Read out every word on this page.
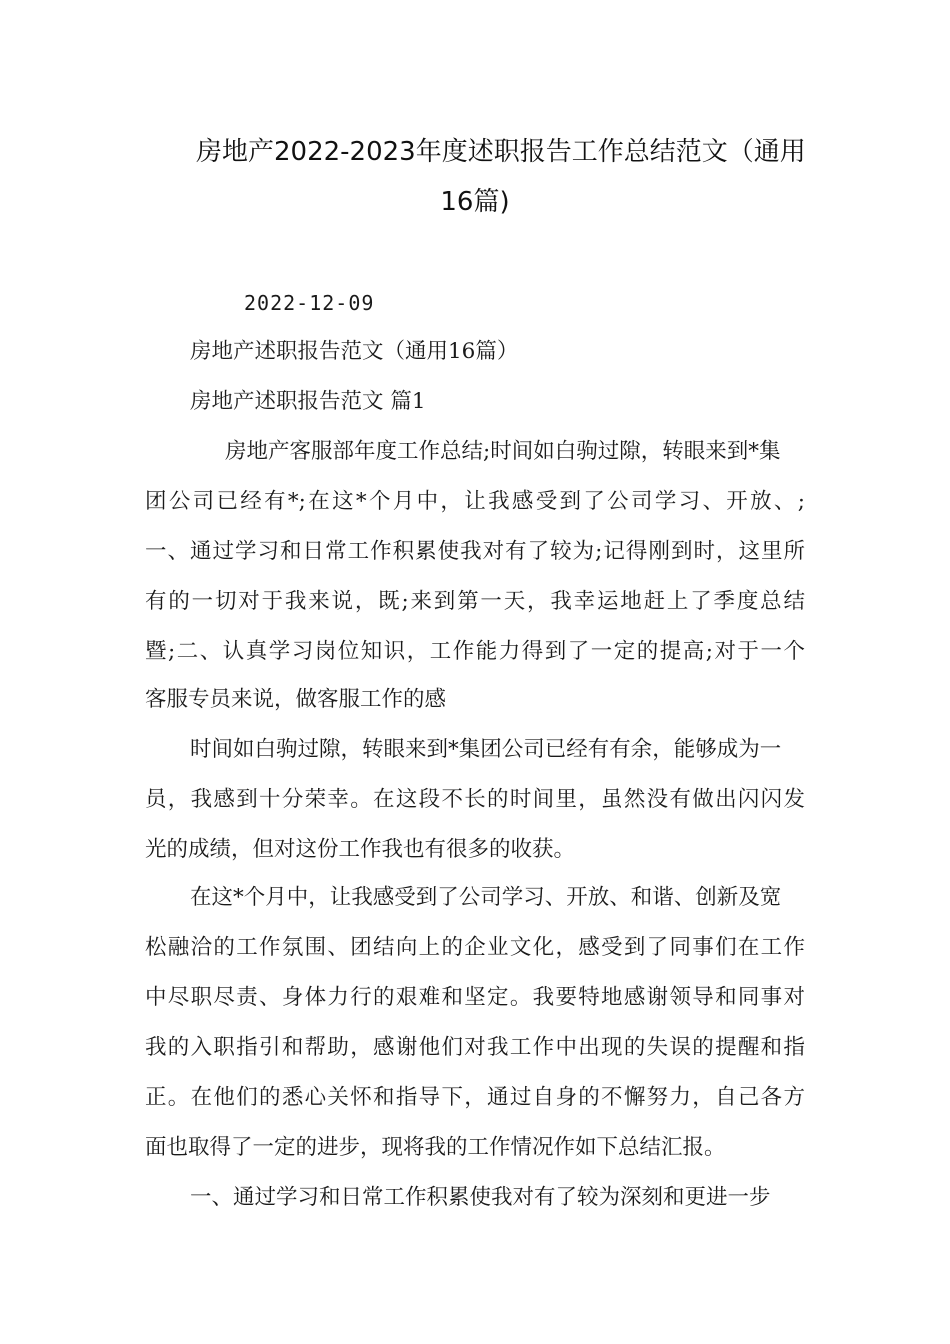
房地产2022-2023年度述职报告工作总结范文（通用
16篇)
2022-12-09
房地产述职报告范文（通用16篇）
房地产述职报告范文 篇1
房地产客服部年度工作总结;时间如白驹过隙，转眼来到*集
团公司已经有*;在这*个月中，让我感受到了公司学习、开放、;
一、通过学习和日常工作积累使我对有了较为;记得刚到时，这里所
有的一切对于我来说，既;来到第一天，我幸运地赶上了季度总结
暨;二、认真学习岗位知识，工作能力得到了一定的提高;对于一个
客服专员来说，做客服工作的感
时间如白驹过隙，转眼来到*集团公司已经有有余，能够成为一
员，我感到十分荣幸。在这段不长的时间里，虽然没有做出闪闪发
光的成绩，但对这份工作我也有很多的收获。
在这*个月中，让我感受到了公司学习、开放、和谐、创新及宽
松融洽的工作氛围、团结向上的企业文化，感受到了同事们在工作
中尽职尽责、身体力行的艰难和坚定。我要特地感谢领导和同事对
我的入职指引和帮助，感谢他们对我工作中出现的失误的提醒和指
正。在他们的悉心关怀和指导下，通过自身的不懈努力，自己各方
面也取得了一定的进步，现将我的工作情况作如下总结汇报。
一、通过学习和日常工作积累使我对有了较为深刻和更进一步
